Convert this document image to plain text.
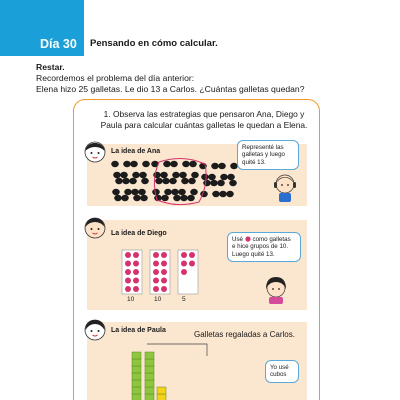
Día 30 Pensando en cómo calcular.
Restar.
Recordemos el problema del día anterior:
Elena hizo 25 galletas. Le dio 13 a Carlos. ¿Cuántas galletas quedan?
1. Observa las estrategias que pensaron Ana, Diego y
Paula para calcular cuántas galletas le quedan a Elena.
La idea de Ana
Representé las
galletas y luego
quité 13.
La idea de Diego
10	10	5
Usé como galletas
e hice grupos de 10.
Luego quité 13.
La idea de Paula	Galletas regaladas a Carlos.
Yo usé
cubos
